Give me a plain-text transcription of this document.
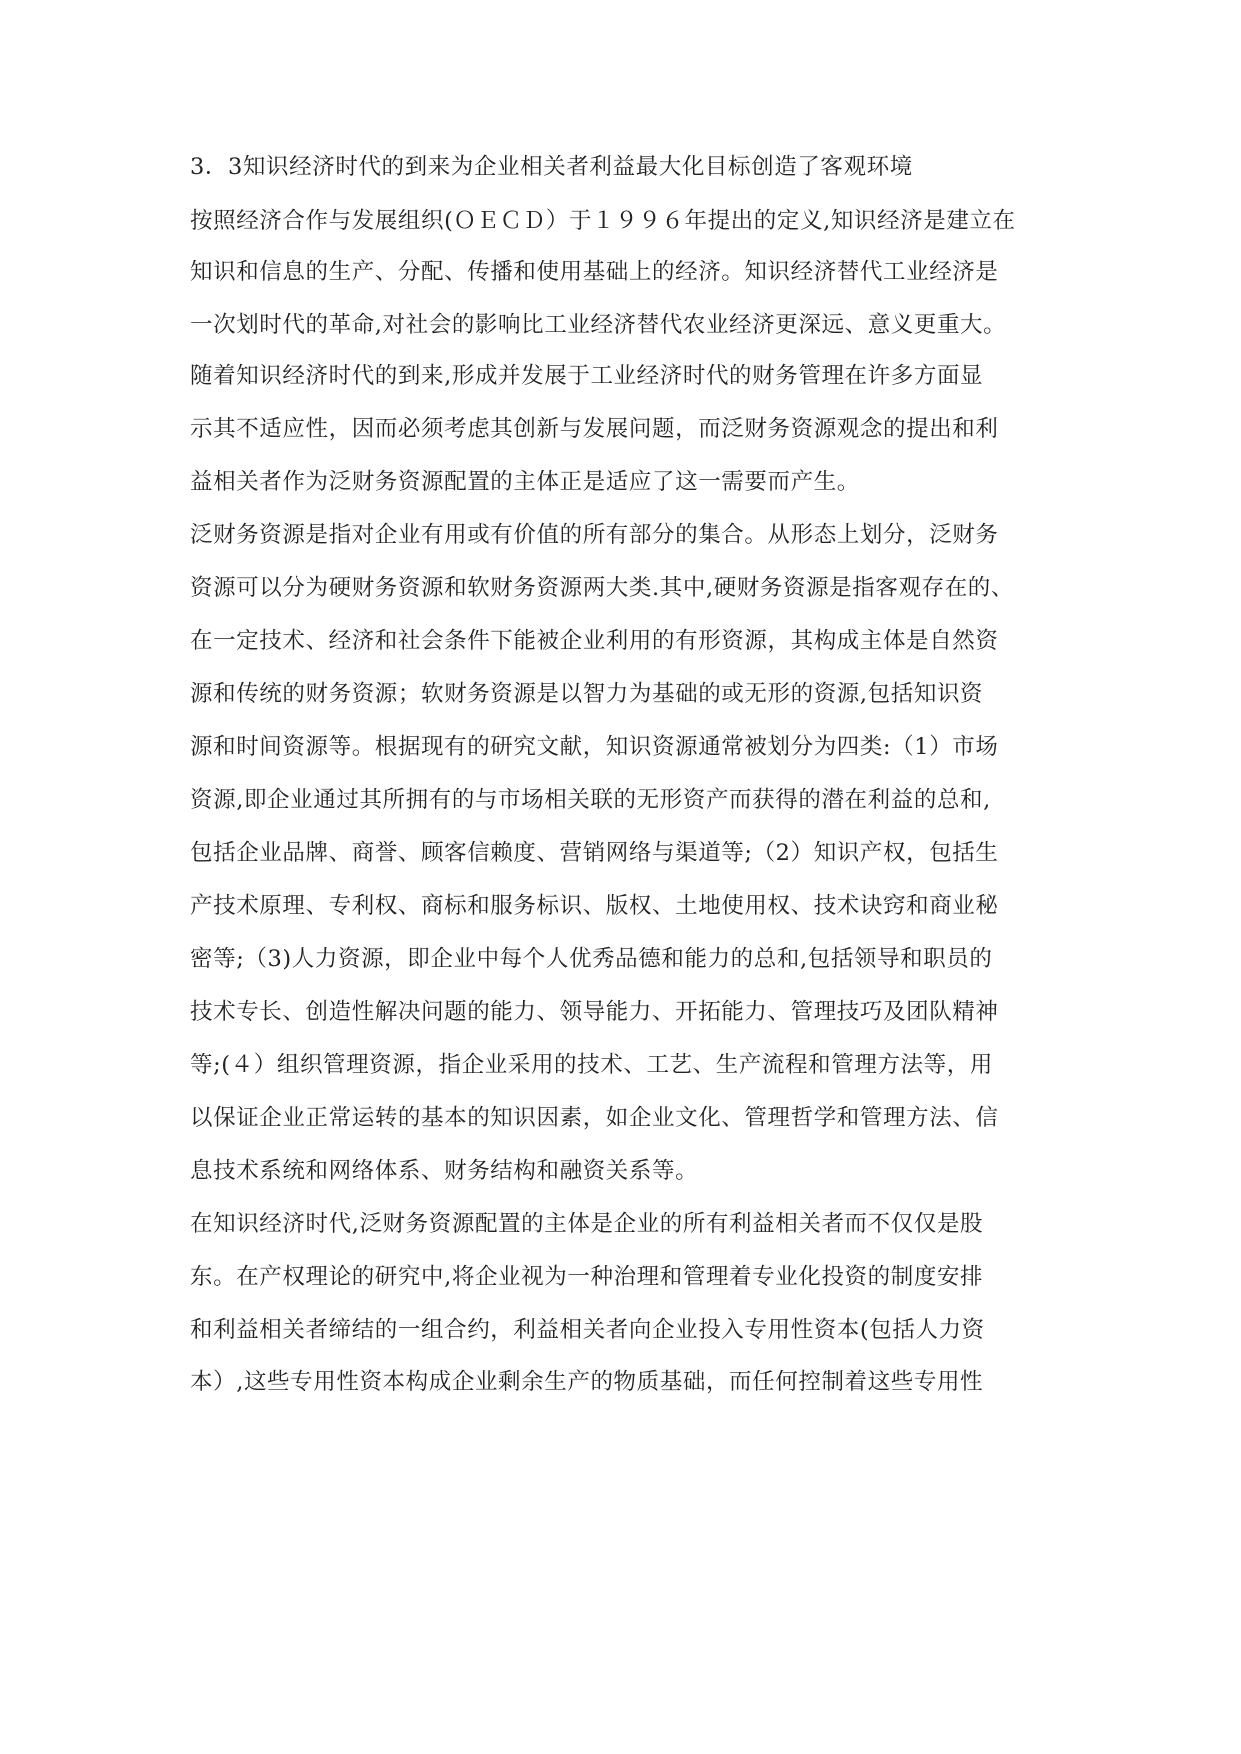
3．3知识经济时代的到来为企业相关者利益最大化目标创造了客观环境
按照经济合作与发展组织(ＯＥＣＤ）于１９９６年提出的定义,知识经济是建立在
知识和信息的生产、分配、传播和使用基础上的经济。知识经济替代工业经济是
一次划时代的革命,对社会的影响比工业经济替代农业经济更深远、意义更重大。
随着知识经济时代的到来,形成并发展于工业经济时代的财务管理在许多方面显
示其不适应性，因而必须考虑其创新与发展问题，而泛财务资源观念的提出和利
益相关者作为泛财务资源配置的主体正是适应了这一需要而产生。
泛财务资源是指对企业有用或有价值的所有部分的集合。从形态上划分，泛财务
资源可以分为硬财务资源和软财务资源两大类.其中,硬财务资源是指客观存在的、
在一定技术、经济和社会条件下能被企业利用的有形资源，其构成主体是自然资
源和传统的财务资源；软财务资源是以智力为基础的或无形的资源,包括知识资
源和时间资源等。根据现有的研究文献，知识资源通常被划分为四类:（1）市场
资源,即企业通过其所拥有的与市场相关联的无形资产而获得的潜在利益的总和,
包括企业品牌、商誉、顾客信赖度、营销网络与渠道等;（2）知识产权，包括生
产技术原理、专利权、商标和服务标识、版权、土地使用权、技术诀窍和商业秘
密等;（3)人力资源，即企业中每个人优秀品德和能力的总和,包括领导和职员的
技术专长、创造性解决问题的能力、领导能力、开拓能力、管理技巧及团队精神
等;(４）组织管理资源，指企业采用的技术、工艺、生产流程和管理方法等，用
以保证企业正常运转的基本的知识因素，如企业文化、管理哲学和管理方法、信
息技术系统和网络体系、财务结构和融资关系等。
在知识经济时代,泛财务资源配置的主体是企业的所有利益相关者而不仅仅是股
东。在产权理论的研究中,将企业视为一种治理和管理着专业化投资的制度安排
和利益相关者缔结的一组合约，利益相关者向企业投入专用性资本(包括人力资
本）,这些专用性资本构成企业剩余生产的物质基础，而任何控制着这些专用性
